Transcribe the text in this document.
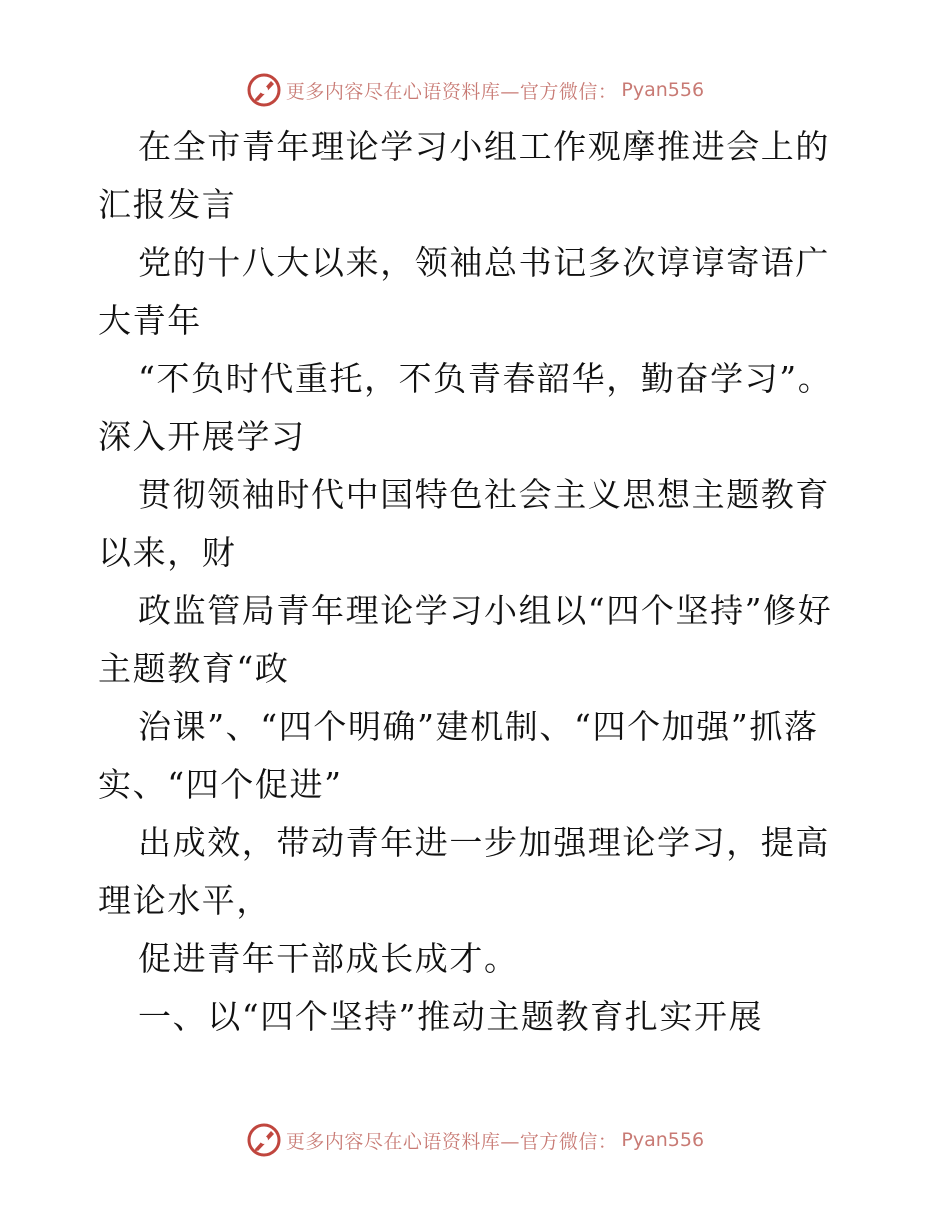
更多内容尽在心语资料库—官方微信： Pyan556

在全市青年理论学习小组工作观摩推进会上的汇报发言

党的十八大以来，领袖总书记多次谆谆寄语广大青年

“不负时代重托，不负青春韶华，勤奋学习”。深入开展学习

贯彻领袖时代中国特色社会主义思想主题教育以来，财

政监管局青年理论学习小组以“四个坚持”修好主题教育“政

治课”、“四个明确”建机制、“四个加强”抓落实、“四个促进”

出成效，带动青年进一步加强理论学习，提高理论水平，

促进青年干部成长成才。

一、以“四个坚持”推动主题教育扎实开展

更多内容尽在心语资料库—官方微信： Pyan556
